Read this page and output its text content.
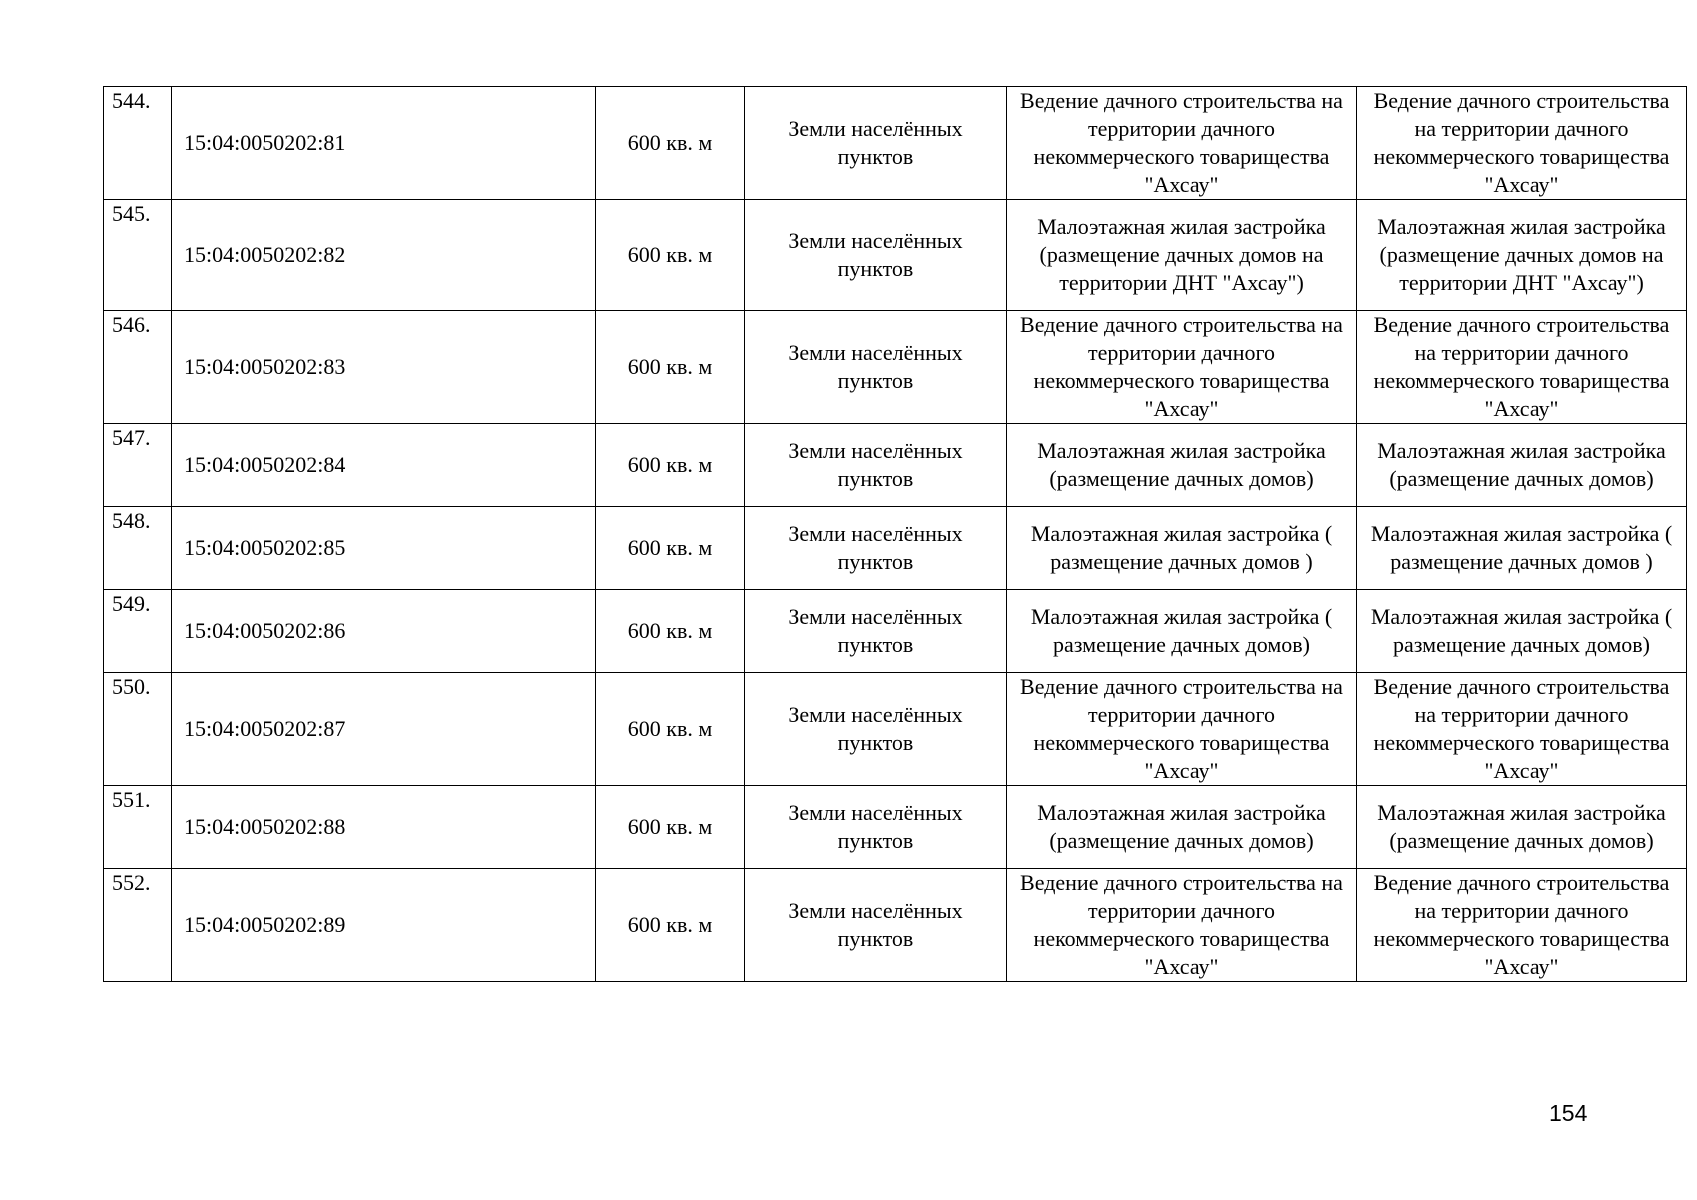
544.	15:04:0050202:81	600 кв. м	Земли населённых пунктов	Ведение дачного строительства на территории дачного некоммерческого товарищества "Ахсау"	Ведение дачного строительства на территории дачного некоммерческого товарищества "Ахсау"
545.	15:04:0050202:82	600 кв. м	Земли населённых пунктов	Малоэтажная жилая застройка (размещение дачных домов на территории ДНТ "Ахсау")	Малоэтажная жилая застройка (размещение дачных домов на территории ДНТ "Ахсау")
546.	15:04:0050202:83	600 кв. м	Земли населённых пунктов	Ведение дачного строительства на территории дачного некоммерческого товарищества "Ахсау"	Ведение дачного строительства на территории дачного некоммерческого товарищества "Ахсау"
547.	15:04:0050202:84	600 кв. м	Земли населённых пунктов	Малоэтажная жилая застройка (размещение дачных домов)	Малоэтажная жилая застройка (размещение дачных домов)
548.	15:04:0050202:85	600 кв. м	Земли населённых пунктов	Малоэтажная жилая застройка ( размещение дачных домов )	Малоэтажная жилая застройка ( размещение дачных домов )
549.	15:04:0050202:86	600 кв. м	Земли населённых пунктов	Малоэтажная жилая застройка ( размещение дачных домов)	Малоэтажная жилая застройка ( размещение дачных домов)
550.	15:04:0050202:87	600 кв. м	Земли населённых пунктов	Ведение дачного строительства на территории дачного некоммерческого товарищества "Ахсау"	Ведение дачного строительства на территории дачного некоммерческого товарищества "Ахсау"
551.	15:04:0050202:88	600 кв. м	Земли населённых пунктов	Малоэтажная жилая застройка (размещение дачных домов)	Малоэтажная жилая застройка (размещение дачных домов)
552.	15:04:0050202:89	600 кв. м	Земли населённых пунктов	Ведение дачного строительства на территории дачного некоммерческого товарищества "Ахсау"	Ведение дачного строительства на территории дачного некоммерческого товарищества "Ахсау"
154
